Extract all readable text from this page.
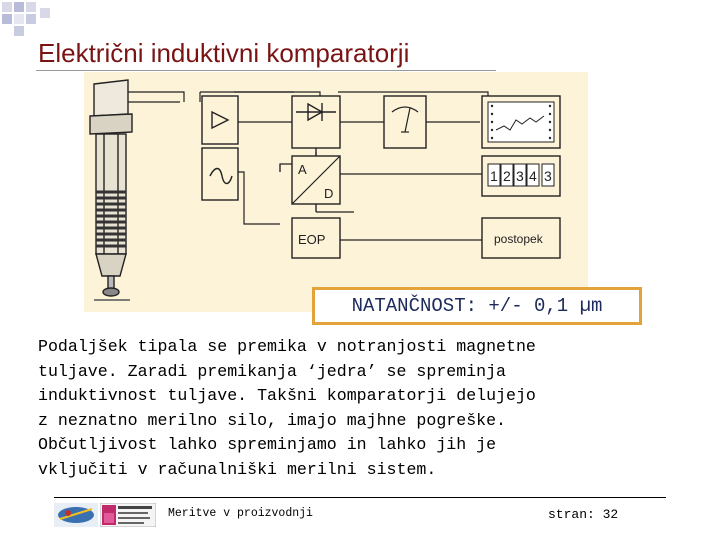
Električni induktivni komparatorji
A
D
1 2 3 4 3
EOP	postopek
NATANČNOST: +/- 0,1 µm
Podaljšek tipala se premika v notranjosti magnetne
tuljave. Zaradi premikanja ‘jedra’ se spreminja
induktivnost tuljave. Takšni komparatorji delujejo
z neznatno merilno silo, imajo majhne pogreške.
Občutljivost lahko spreminjamo in lahko jih je
vključiti v računalniški merilni sistem.
Meritve v proizvodnji	stran: 32
